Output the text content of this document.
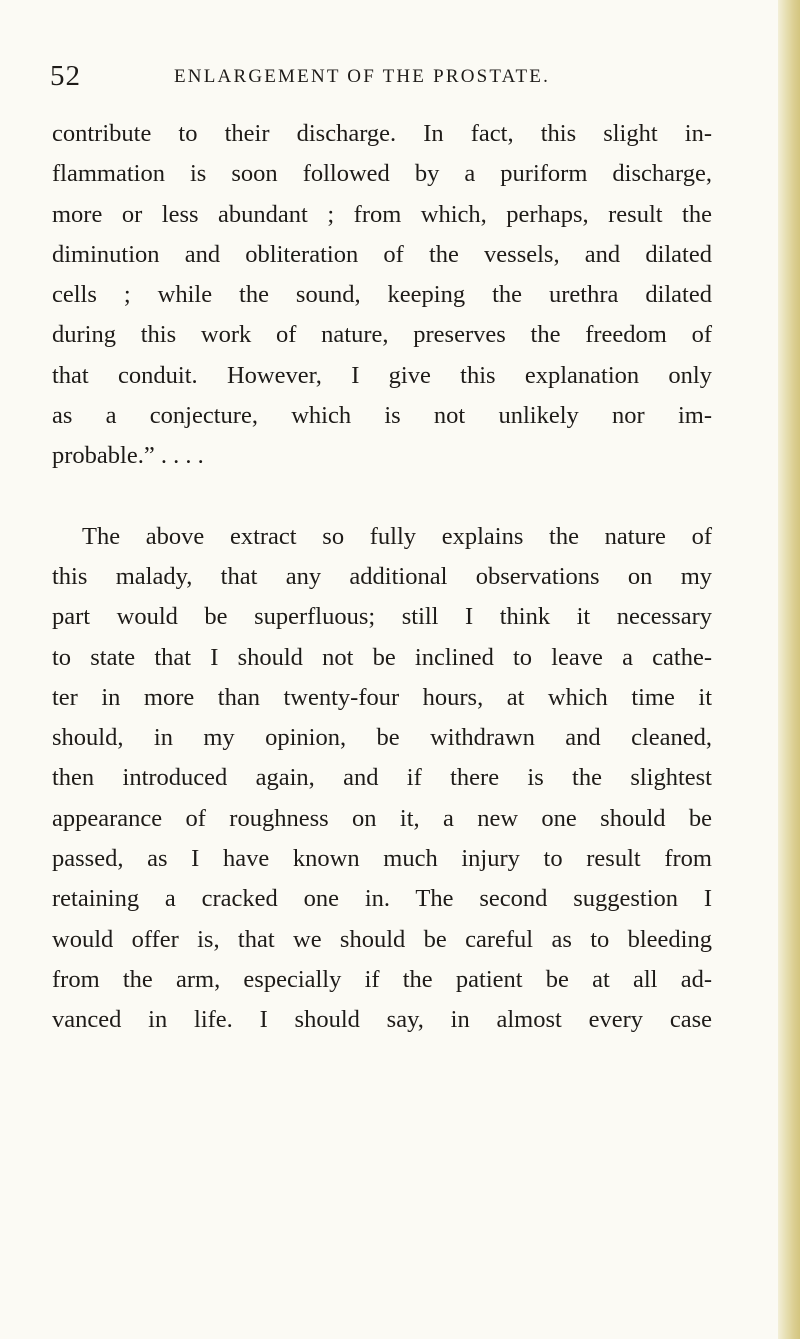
52	ENLARGEMENT OF THE PROSTATE.
contribute to their discharge. In fact, this slight in-
flammation is soon followed by a puriform discharge,
more or less abundant ; from which, perhaps, result the
diminution and obliteration of the vessels, and dilated
cells ; while the sound, keeping the urethra dilated
during this work of nature, preserves the freedom of
that conduit. However, I give this explanation only
as a conjecture, which is not unlikely nor im-
probable.” . . . .
The above extract so fully explains the nature of
this malady, that any additional observations on my
part would be superfluous; still I think it necessary
to state that I should not be inclined to leave a cathe-
ter in more than twenty-four hours, at which time it
should, in my opinion, be withdrawn and cleaned,
then introduced again, and if there is the slightest
appearance of roughness on it, a new one should be
passed, as I have known much injury to result from
retaining a cracked one in. The second suggestion I
would offer is, that we should be careful as to bleeding
from the arm, especially if the patient be at all ad-
vanced in life. I should say, in almost every case
